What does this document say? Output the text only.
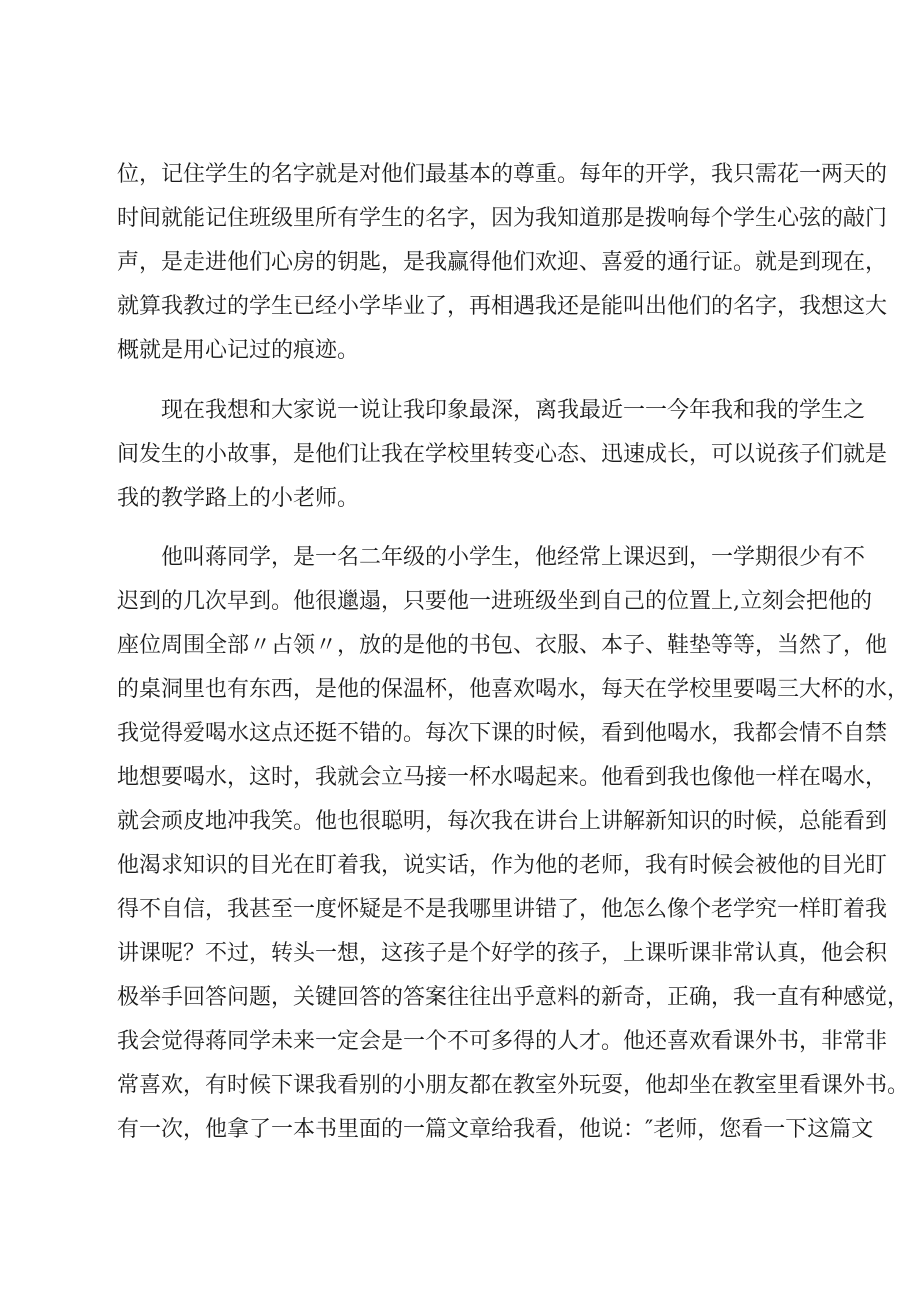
位，记住学生的名字就是对他们最基本的尊重。每年的开学，我只需花一两天的
时间就能记住班级里所有学生的名字，因为我知道那是拨响每个学生心弦的敲门
声，是走进他们心房的钥匙，是我赢得他们欢迎、喜爱的通行证。就是到现在，
就算我教过的学生已经小学毕业了，再相遇我还是能叫出他们的名字，我想这大
概就是用心记过的痕迹。
现在我想和大家说一说让我印象最深，离我最近一一今年我和我的学生之
间发生的小故事，是他们让我在学校里转变心态、迅速成长，可以说孩子们就是
我的教学路上的小老师。
他叫蒋同学，是一名二年级的小学生，他经常上课迟到，一学期很少有不
迟到的几次早到。他很邋遢，只要他一进班级坐到自己的位置上,立刻会把他的
座位周围全部〃占领〃，放的是他的书包、衣服、本子、鞋垫等等，当然了，他
的桌洞里也有东西，是他的保温杯，他喜欢喝水，每天在学校里要喝三大杯的水，
我觉得爱喝水这点还挺不错的。每次下课的时候，看到他喝水，我都会情不自禁
地想要喝水，这时，我就会立马接一杯水喝起来。他看到我也像他一样在喝水，
就会顽皮地冲我笑。他也很聪明，每次我在讲台上讲解新知识的时候，总能看到
他渴求知识的目光在盯着我，说实话，作为他的老师，我有时候会被他的目光盯
得不自信，我甚至一度怀疑是不是我哪里讲错了，他怎么像个老学究一样盯着我
讲课呢？不过，转头一想，这孩子是个好学的孩子，上课听课非常认真，他会积
极举手回答问题，关键回答的答案往往出乎意料的新奇，正确，我一直有种感觉，
我会觉得蒋同学未来一定会是一个不可多得的人才。他还喜欢看课外书，非常非
常喜欢，有时候下课我看别的小朋友都在教室外玩耍，他却坐在教室里看课外书。
有一次，他拿了一本书里面的一篇文章给我看，他说：″老师，您看一下这篇文
